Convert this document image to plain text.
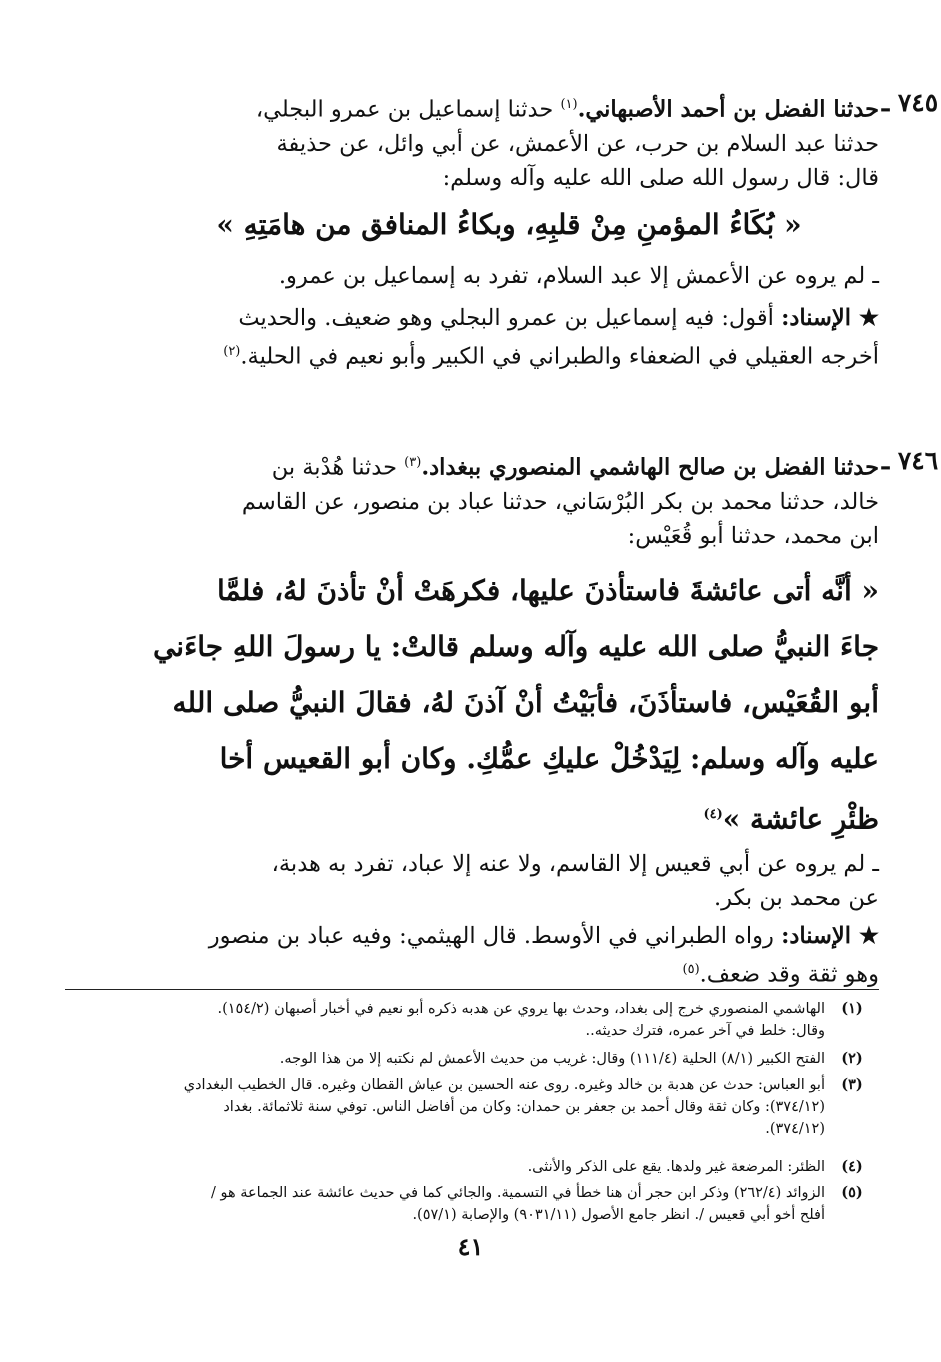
٧٤٥ ـ
حدثنا الفضل بن أحمد الأصبهاني.$^{(١)}$ حدثنا إسماعيل بن عمرو البجلي،
حدثنا عبد السلام بن حرب، عن الأعمش، عن أبي وائل، عن حذيفة
قال: قال رسول الله صلى الله عليه وآله وسلم:
« بُكَاءُ المؤمنِ مِنْ قلبِهِ، وبكاءُ المنافق من هامَتِهِ »
ـ لم يروه عن الأعمش إلا عبد السلام، تفرد به إسماعيل بن عمرو.
★ الإسناد: أقول: فيه إسماعيل بن عمرو البجلي وهو ضعيف. والحديث
أخرجه العقيلي في الضعفاء والطبراني في الكبير وأبو نعيم في الحلية.$^{(٢)}$
٧٤٦ ـ
حدثنا الفضل بن صالح الهاشمي المنصوري ببغداد.$^{(٣)}$ حدثنا هُدْبة بن
خالد، حدثنا محمد بن بكر البُرْسَاني، حدثنا عباد بن منصور، عن القاسم
ابن محمد، حدثنا أبو قُعَيْس:
« أنَّه أتى عائشةَ فاستأذنَ عليها، فكرهَتْ أنْ تأذنَ لهُ، فلمَّا
جاءَ النبيُّ صلى الله عليه وآله وسلم قالتْ: يا رسولَ اللهِ جاءَني
أبو القُعَيْس، فاستأذَنَ، فأبَيْتُ أنْ آذنَ لهُ، فقالَ النبيُّ صلى الله
عليه وآله وسلم: لِيَدْخُلْ عليكِ عمُّكِ. وكان أبو القعيس أخا
ظئْرِ عائشة »$^{(٤)}$
ـ لم يروه عن أبي قعيس إلا القاسم، ولا عنه إلا عباد، تفرد به هدبة،
عن محمد بن بكر.
★ الإسناد: رواه الطبراني في الأوسط. قال الهيثمي: وفيه عباد بن منصور
وهو ثقة وقد ضعف.$^{(٥)}$
(١)
الهاشمي المنصوري خرج إلى بغداد، وحدث بها يروي عن هدبه ذكره أبو نعيم في أخبار أصبهان (١٥٤/٢).
وقال: خلط في آخر عمره، فترك حديثه..
(٢)
الفتح الكبير (٨/١) الحلية (١١١/٤) وقال: غريب من حديث الأعمش لم نكتبه إلا من هذا الوجه.
(٣)
أبو العباس: حدث عن هدبة بن خالد وغيره. روى عنه الحسين بن عياش القطان وغيره. قال الخطيب البغدادي
(٣٧٤/١٢): وكان ثقة وقال أحمد بن جعفر بن حمدان: وكان من أفاضل الناس. توفي سنة ثلاثمائة. بغداد
(٣٧٤/١٢).
(٤)
الظئر: المرضعة غير ولدها. يقع على الذكر والأنثى.
(٥)
الزوائد (٢٦٢/٤) وذكر ابن حجر أن هنا خطأ في التسمية. والجائي كما في حديث عائشة عند الجماعة هو /
أفلح أخو أبي قعيس /. انظر جامع الأصول (٩٠٣١/١١) والإصابة (٥٧/١).
٤١
